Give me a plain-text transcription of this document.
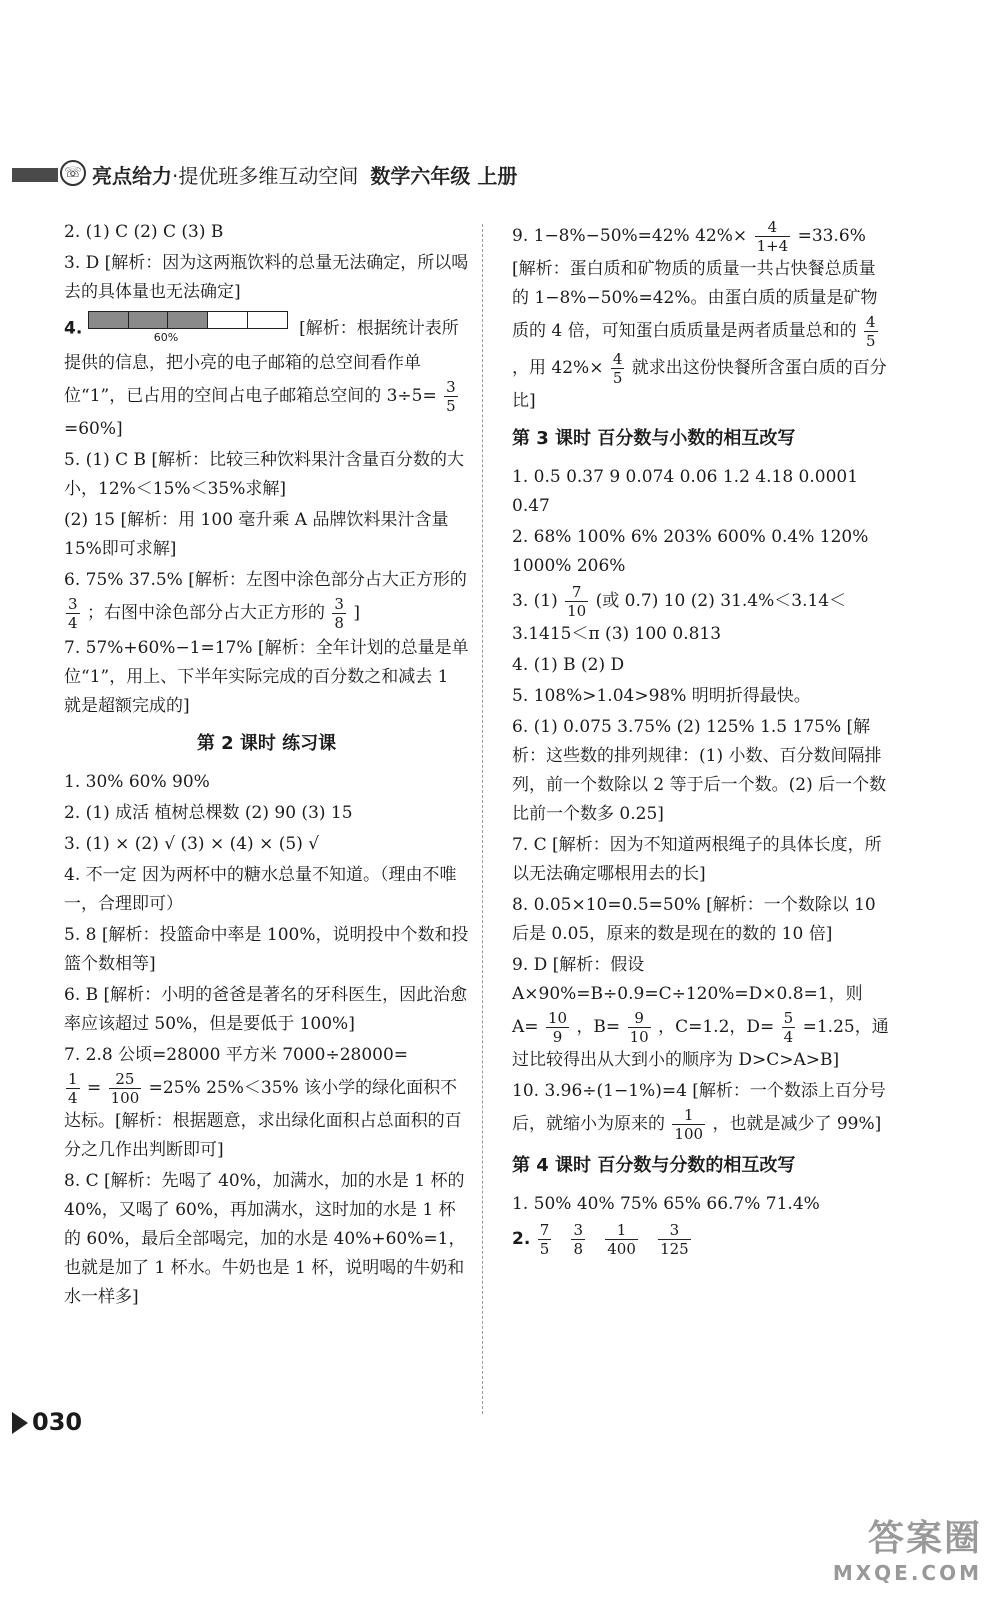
☏ 亮点给力·提优班多维互动空间 数学六年级 上册
2. (1) C (2) C (3) B
3. D [解析：因为这两瓶饮料的总量无法确定，所以喝去的具体量也无法确定]
4.	60%	[解析：根据统计表所提供的信息，把小亮的电子邮箱的总空间看作单位“1”，已占用的空间占电子邮箱总空间的 $3\div 5= \frac{3}{5}$
=60%]
5. (1) C B [解析：比较三种饮料果汁含量百分数的大小，12%＜15%＜35%求解]
(2) 15 [解析：用 100 毫升乘 A 品牌饮料果汁含量 15%即可求解]
6. 75% 37.5% [解析：左图中涂色部分占大正方形的
$\frac{3}{4}$ ；右图中涂色部分占大正方形的 $\frac{3}{8}$ ]
7. 57%+60%−1=17% [解析：全年计划的总量是单位“1”，用上、下半年实际完成的百分数之和减去 1 就是超额完成的]
第 2 课时 练习课
1. 30% 60% 90%
2. (1) 成活 植树总棵数 (2) 90 (3) 15
3. (1) × (2) √ (3) × (4) × (5) √
4. 不一定 因为两杯中的糖水总量不知道。（理由不唯一，合理即可）
5. 8 [解析：投篮命中率是 100%，说明投中个数和投篮个数相等]
6. B [解析：小明的爸爸是著名的牙科医生，因此治愈率应该超过 50%，但是要低于 100%]
7. 2.8 公顷=28000 平方米 7000÷28000=

$\frac{1}{4} = \frac{25}{100} =25\%$ 25%＜35% 该小学的绿化面积不达标。[解析：根据题意，求出绿化面积占总面积的百分之几作出判断即可]
8. C [解析：先喝了 40%，加满水，加的水是 1 杯的 40%，又喝了 60%，再加满水，这时加的水是 1 杯的 60%，最后全部喝完，加的水是 40%+60%=1，也就是加了 1 杯水。牛奶也是 1 杯，说明喝的牛奶和水一样多]
9. 1−8%−50%=42% $42\%\times \frac{4}{1+4} =33.6\%$
[解析：蛋白质和矿物质的质量一共占快餐总质量的 1−8%−50%=42%。由蛋白质的质量是矿物质的 4 倍，可知蛋白质质量是两者质量总和的 $\frac{4}{5}$
，用 $42\%\times \frac{4}{5}$ 就求出这份快餐所含蛋白质的百分比]
第 3 课时 百分数与小数的相互改写
1. 0.5 0.37 9 0.074 0.06 1.2 4.18 0.0001 0.47
2. 68% 100% 6% 203% 600% 0.4% 120% 1000% 206%
3. $(1) \frac{7}{10}$ (或 0.7) 10 (2) 31.4%＜3.14＜3.1415＜π (3) 100 0.813
4. (1) B (2) D
5. 108%>1.04>98% 明明折得最快。
6. (1) 0.075 3.75% (2) 125% 1.5 175% [解析：这些数的排列规律：(1) 小数、百分数间隔排列，前一个数除以 2 等于后一个数。(2) 后一个数比前一个数多 0.25]
7. C [解析：因为不知道两根绳子的具体长度，所以无法确定哪根用去的长]
8. 0.05×10=0.5=50% [解析：一个数除以 10 后是 0.05，原来的数是现在的数的 10 倍]
9. D [解析：假设 A×90%=B÷0.9=C÷120%=D×0.8=1，则 $A= \frac{10}{9}$ ，$B= \frac{9}{10}$ ，C=1.2，$D= \frac{5}{4} =1.25$，通过比较得出从大到小的顺序为 D>C>A>B]
10. 3.96÷(1−1%)=4 [解析：一个数添上百分号后，就缩小为原来的 $\frac{1}{100}$ ，也就是减少了 99%]
第 4 课时 百分数与分数的相互改写
1. 50% 40% 75% 65% 66.7% 71.4%
2. $\frac{7}{5}$
$\frac{3}{8}$
$\frac{1}{400}$
$\frac{3}{125}$
030
答案圈
MXQE.COM
